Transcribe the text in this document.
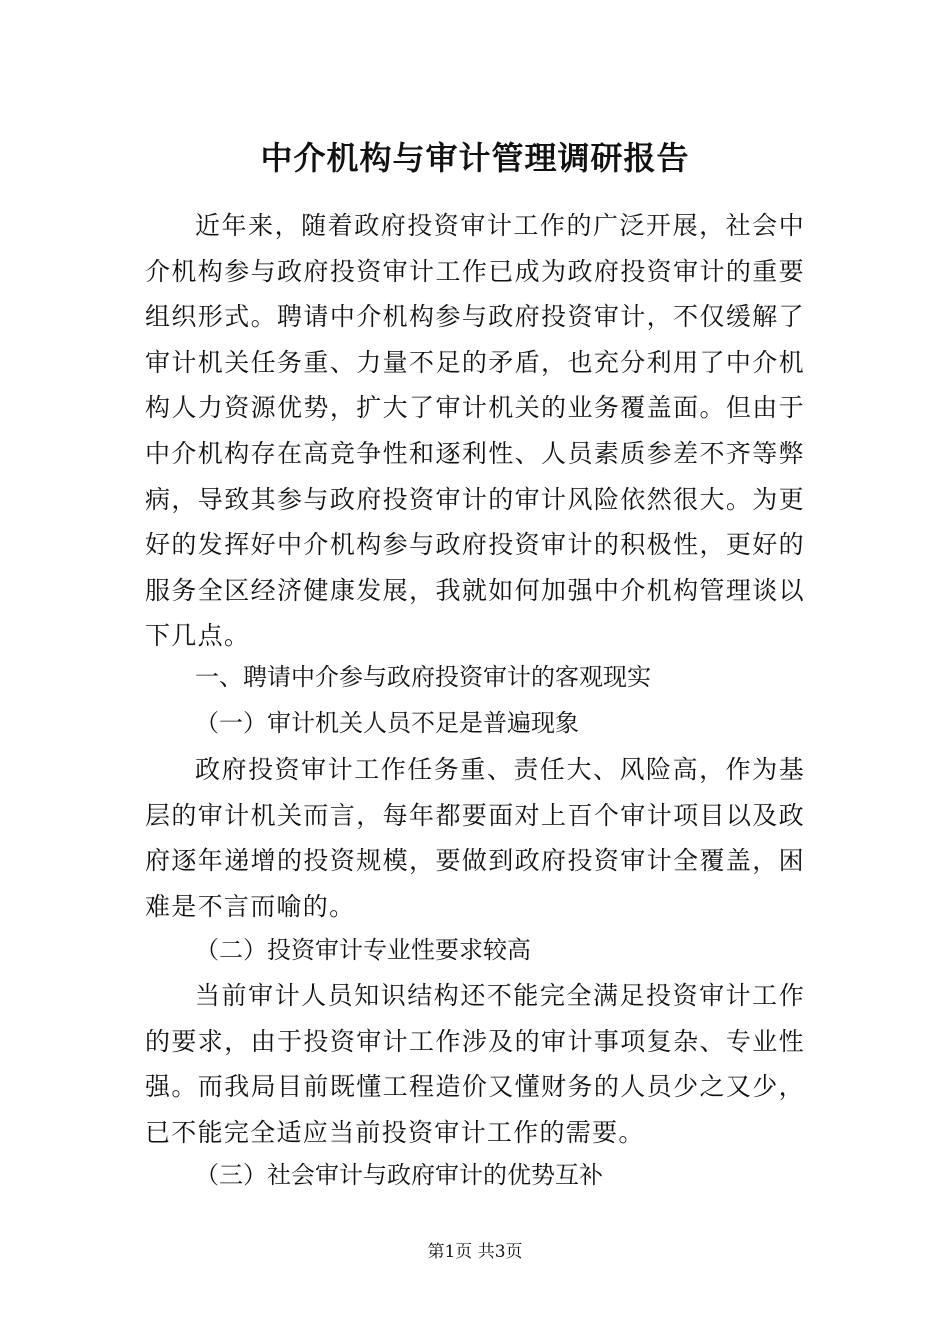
中介机构与审计管理调研报告

近年来，随着政府投资审计工作的广泛开展，社会中介机构参与政府投资审计工作已成为政府投资审计的重要组织形式。聘请中介机构参与政府投资审计，不仅缓解了审计机关任务重、力量不足的矛盾，也充分利用了中介机构人力资源优势，扩大了审计机关的业务覆盖面。但由于中介机构存在高竞争性和逐利性、人员素质参差不齐等弊病，导致其参与政府投资审计的审计风险依然很大。为更好的发挥好中介机构参与政府投资审计的积极性，更好的服务全区经济健康发展，我就如何加强中介机构管理谈以下几点。

一、聘请中介参与政府投资审计的客观现实
（一）审计机关人员不足是普遍现象

政府投资审计工作任务重、责任大、风险高，作为基层的审计机关而言，每年都要面对上百个审计项目以及政府逐年递增的投资规模，要做到政府投资审计全覆盖，困难是不言而喻的。

（二）投资审计专业性要求较高

当前审计人员知识结构还不能完全满足投资审计工作的要求，由于投资审计工作涉及的审计事项复杂、专业性强。而我局目前既懂工程造价又懂财务的人员少之又少，已不能完全适应当前投资审计工作的需要。

（三）社会审计与政府审计的优势互补
第1页 共3页
